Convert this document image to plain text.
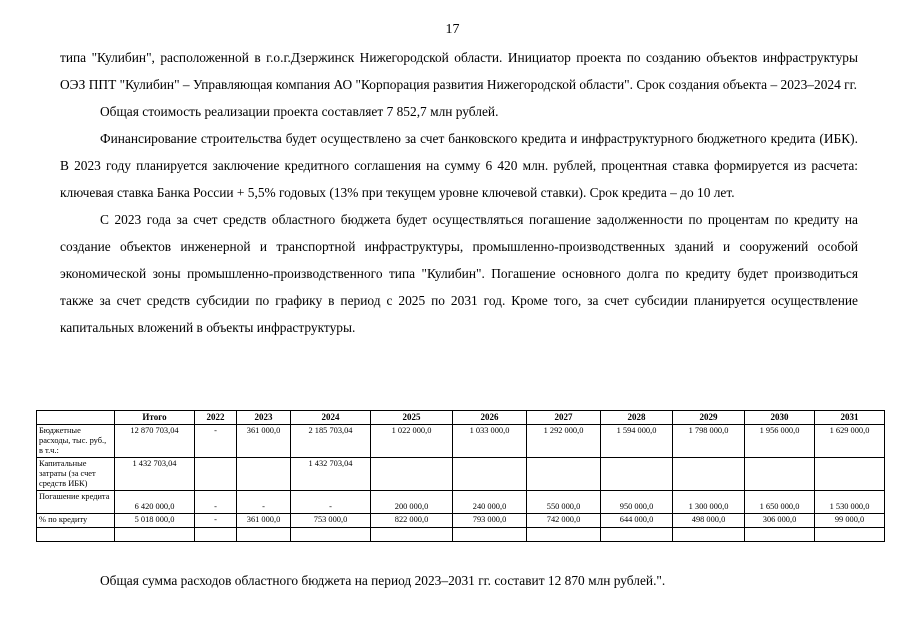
17

типа "Кулибин", расположенной в г.о.г.Дзержинск Нижегородской области. Инициатор проекта по созданию объектов инфраструктуры ОЭЗ ППТ "Кулибин" – Управляющая компания АО "Корпорация развития Нижегородской области". Срок создания объекта – 2023–2024 гг.

Общая стоимость реализации проекта составляет 7 852,7 млн рублей.

Финансирование строительства будет осуществлено за счет банковского кредита и инфраструктурного бюджетного кредита (ИБК). В 2023 году планируется заключение кредитного соглашения на сумму 6 420 млн. рублей, процентная ставка формируется из расчета: ключевая ставка Банка России + 5,5% годовых (13% при текущем уровне ключевой ставки). Срок кредита – до 10 лет.

С 2023 года за счет средств областного бюджета будет осуществляться погашение задолженности по процентам по кредиту на создание объектов инженерной и транспортной инфраструктуры, промышленно-производственных зданий и сооружений особой экономической зоны промышленно-производственного типа "Кулибин". Погашение основного долга по кредиту будет производиться также за счет средств субсидии по графику в период с 2025 по 2031 год. Кроме того, за счет субсидии планируется осуществление капитальных вложений в объекты инфраструктуры.

	Итого	2022	2023	2024	2025	2026	2027	2028	2029	2030	2031
Бюджетные расходы, тыс. руб., в т.ч.:	12 870 703,04	-	361 000,0	2 185 703,04	1 022 000,0	1 033 000,0	1 292 000,0	1 594 000,0	1 798 000,0	1 956 000,0	1 629 000,0
Капитальные затраты (за счет средств ИБК)	1 432 703,04			1 432 703,04							
Погашение кредита	6 420 000,0	-	-	-	200 000,0	240 000,0	550 000,0	950 000,0	1 300 000,0	1 650 000,0	1 530 000,0
% по кредиту	5 018 000,0	-	361 000,0	753 000,0	822 000,0	793 000,0	742 000,0	644 000,0	498 000,0	306 000,0	99 000,0

Общая сумма расходов областного бюджета на период 2023–2031 гг. составит 12 870 млн рублей.".
